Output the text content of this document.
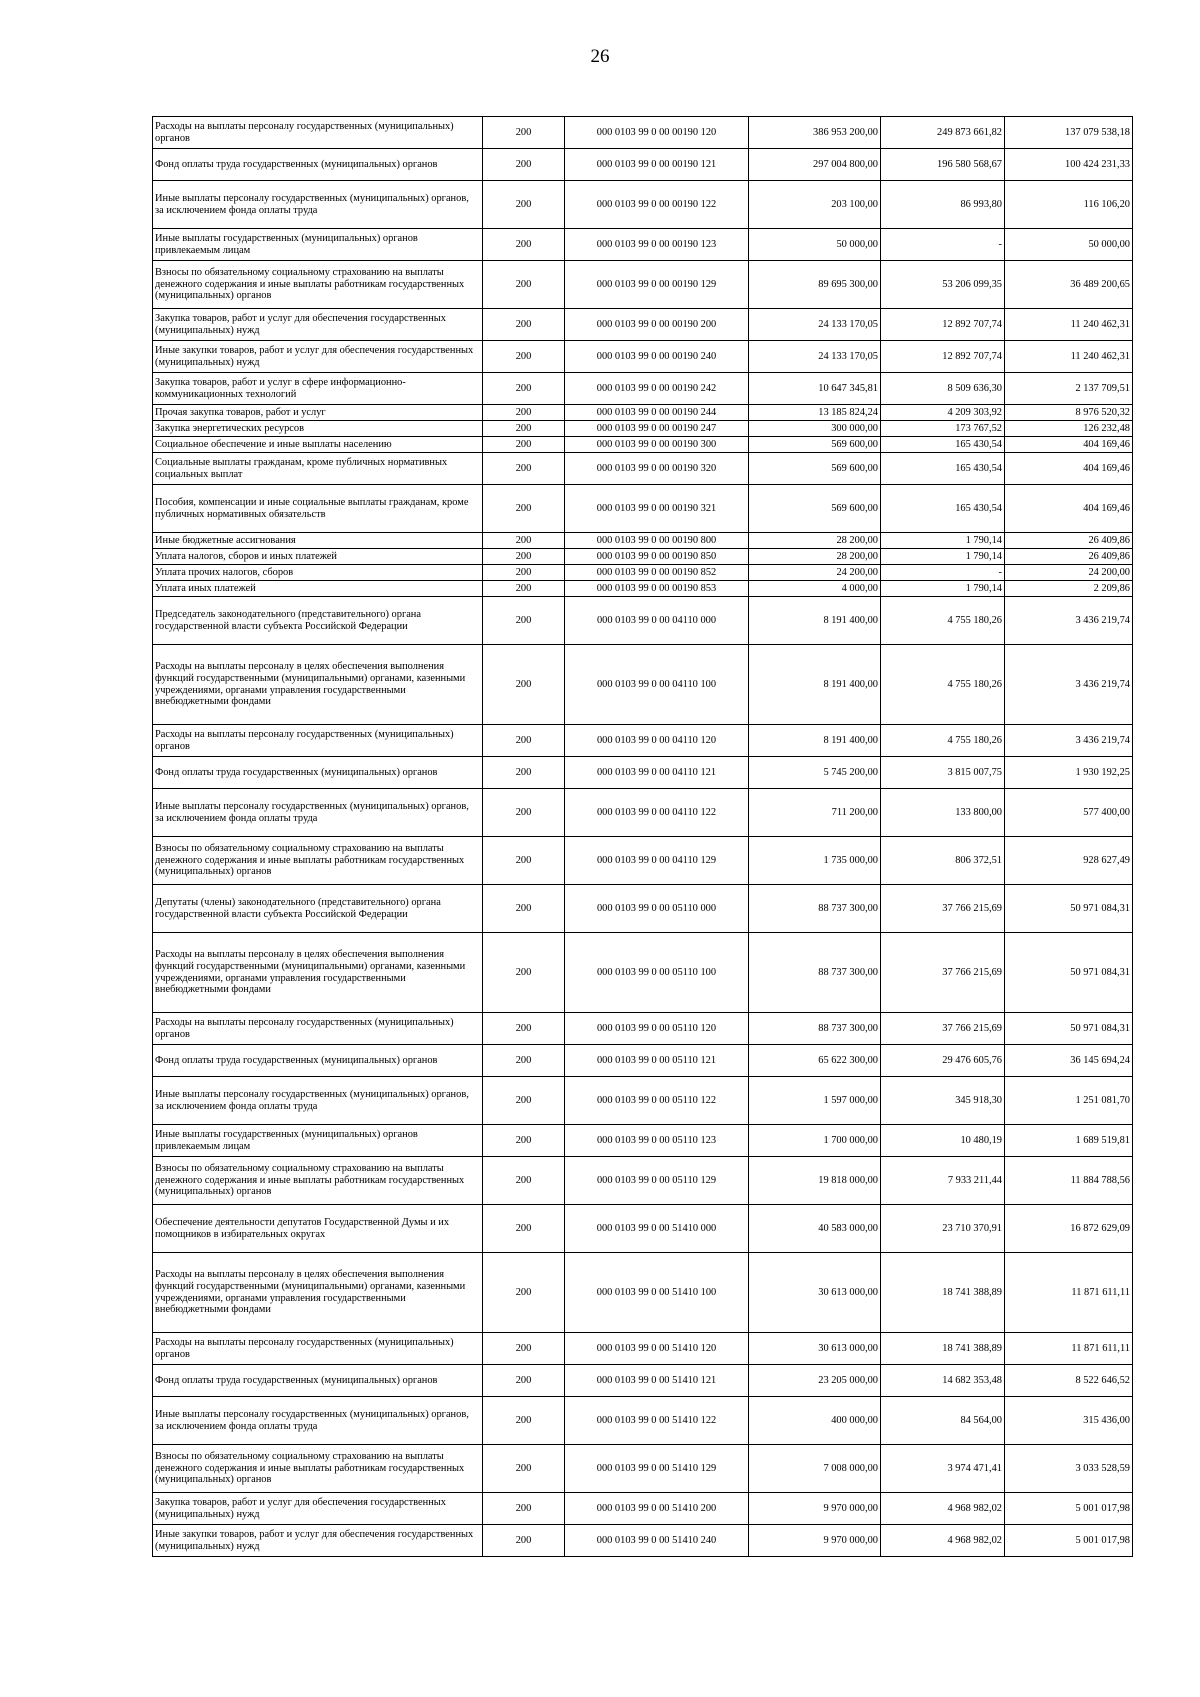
26
Расходы на выплаты персоналу государственных (муниципальных) органов	200	000 0103 99 0 00 00190 120	386 953 200,00	249 873 661,82	137 079 538,18
Фонд оплаты труда государственных (муниципальных) органов	200	000 0103 99 0 00 00190 121	297 004 800,00	196 580 568,67	100 424 231,33
Иные выплаты персоналу государственных (муниципальных) органов, за исключением фонда оплаты труда	200	000 0103 99 0 00 00190 122	203 100,00	86 993,80	116 106,20
Иные выплаты государственных (муниципальных) органов привлекаемым лицам	200	000 0103 99 0 00 00190 123	50 000,00	-	50 000,00
Взносы по обязательному социальному страхованию на выплаты денежного содержания и иные выплаты работникам государственных (муниципальных) органов	200	000 0103 99 0 00 00190 129	89 695 300,00	53 206 099,35	36 489 200,65
Закупка товаров, работ и услуг для обеспечения государственных (муниципальных) нужд	200	000 0103 99 0 00 00190 200	24 133 170,05	12 892 707,74	11 240 462,31
Иные закупки товаров, работ и услуг для обеспечения государственных (муниципальных) нужд	200	000 0103 99 0 00 00190 240	24 133 170,05	12 892 707,74	11 240 462,31
Закупка товаров, работ и услуг в сфере информационно-коммуникационных технологий	200	000 0103 99 0 00 00190 242	10 647 345,81	8 509 636,30	2 137 709,51
Прочая закупка товаров, работ и услуг	200	000 0103 99 0 00 00190 244	13 185 824,24	4 209 303,92	8 976 520,32
Закупка энергетических ресурсов	200	000 0103 99 0 00 00190 247	300 000,00	173 767,52	126 232,48
Социальное обеспечение и иные выплаты населению	200	000 0103 99 0 00 00190 300	569 600,00	165 430,54	404 169,46
Социальные выплаты гражданам, кроме публичных нормативных социальных выплат	200	000 0103 99 0 00 00190 320	569 600,00	165 430,54	404 169,46
Пособия, компенсации и иные социальные выплаты гражданам, кроме публичных нормативных обязательств	200	000 0103 99 0 00 00190 321	569 600,00	165 430,54	404 169,46
Иные бюджетные ассигнования	200	000 0103 99 0 00 00190 800	28 200,00	1 790,14	26 409,86
Уплата налогов, сборов и иных платежей	200	000 0103 99 0 00 00190 850	28 200,00	1 790,14	26 409,86
Уплата прочих налогов, сборов	200	000 0103 99 0 00 00190 852	24 200,00	-	24 200,00
Уплата иных платежей	200	000 0103 99 0 00 00190 853	4 000,00	1 790,14	2 209,86
Председатель законодательного (представительного) органа государственной власти субъекта Российской Федерации	200	000 0103 99 0 00 04110 000	8 191 400,00	4 755 180,26	3 436 219,74
Расходы на выплаты персоналу в целях обеспечения выполнения функций государственными (муниципальными) органами, казенными учреждениями, органами управления государственными внебюджетными фондами	200	000 0103 99 0 00 04110 100	8 191 400,00	4 755 180,26	3 436 219,74
Расходы на выплаты персоналу государственных (муниципальных) органов	200	000 0103 99 0 00 04110 120	8 191 400,00	4 755 180,26	3 436 219,74
Фонд оплаты труда государственных (муниципальных) органов	200	000 0103 99 0 00 04110 121	5 745 200,00	3 815 007,75	1 930 192,25
Иные выплаты персоналу государственных (муниципальных) органов, за исключением фонда оплаты труда	200	000 0103 99 0 00 04110 122	711 200,00	133 800,00	577 400,00
Взносы по обязательному социальному страхованию на выплаты денежного содержания и иные выплаты работникам государственных (муниципальных) органов	200	000 0103 99 0 00 04110 129	1 735 000,00	806 372,51	928 627,49
Депутаты (члены) законодательного (представительного) органа государственной власти субъекта Российской Федерации	200	000 0103 99 0 00 05110 000	88 737 300,00	37 766 215,69	50 971 084,31
Расходы на выплаты персоналу в целях обеспечения выполнения функций государственными (муниципальными) органами, казенными учреждениями, органами управления государственными внебюджетными фондами	200	000 0103 99 0 00 05110 100	88 737 300,00	37 766 215,69	50 971 084,31
Расходы на выплаты персоналу государственных (муниципальных) органов	200	000 0103 99 0 00 05110 120	88 737 300,00	37 766 215,69	50 971 084,31
Фонд оплаты труда государственных (муниципальных) органов	200	000 0103 99 0 00 05110 121	65 622 300,00	29 476 605,76	36 145 694,24
Иные выплаты персоналу государственных (муниципальных) органов, за исключением фонда оплаты труда	200	000 0103 99 0 00 05110 122	1 597 000,00	345 918,30	1 251 081,70
Иные выплаты государственных (муниципальных) органов привлекаемым лицам	200	000 0103 99 0 00 05110 123	1 700 000,00	10 480,19	1 689 519,81
Взносы по обязательному социальному страхованию на выплаты денежного содержания и иные выплаты работникам государственных (муниципальных) органов	200	000 0103 99 0 00 05110 129	19 818 000,00	7 933 211,44	11 884 788,56
Обеспечение деятельности депутатов Государственной Думы и их помощников в избирательных округах	200	000 0103 99 0 00 51410 000	40 583 000,00	23 710 370,91	16 872 629,09
Расходы на выплаты персоналу в целях обеспечения выполнения функций государственными (муниципальными) органами, казенными учреждениями, органами управления государственными внебюджетными фондами	200	000 0103 99 0 00 51410 100	30 613 000,00	18 741 388,89	11 871 611,11
Расходы на выплаты персоналу государственных (муниципальных) органов	200	000 0103 99 0 00 51410 120	30 613 000,00	18 741 388,89	11 871 611,11
Фонд оплаты труда государственных (муниципальных) органов	200	000 0103 99 0 00 51410 121	23 205 000,00	14 682 353,48	8 522 646,52
Иные выплаты персоналу государственных (муниципальных) органов, за исключением фонда оплаты труда	200	000 0103 99 0 00 51410 122	400 000,00	84 564,00	315 436,00
Взносы по обязательному социальному страхованию на выплаты денежного содержания и иные выплаты работникам государственных (муниципальных) органов	200	000 0103 99 0 00 51410 129	7 008 000,00	3 974 471,41	3 033 528,59
Закупка товаров, работ и услуг для обеспечения государственных (муниципальных) нужд	200	000 0103 99 0 00 51410 200	9 970 000,00	4 968 982,02	5 001 017,98
Иные закупки товаров, работ и услуг для обеспечения государственных (муниципальных) нужд	200	000 0103 99 0 00 51410 240	9 970 000,00	4 968 982,02	5 001 017,98
